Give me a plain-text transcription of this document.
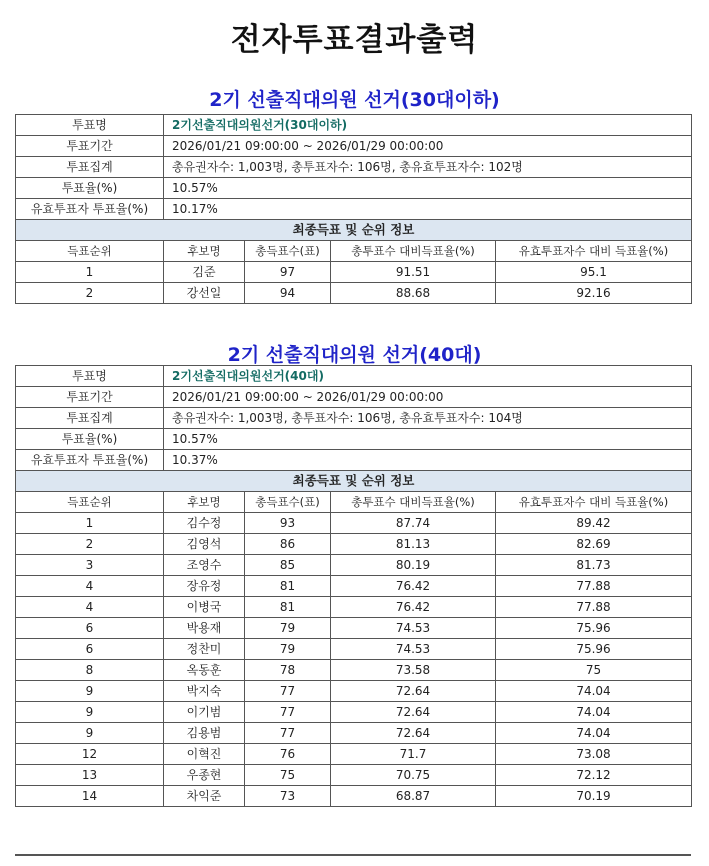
전자투표결과출력
2기 선출직대의원 선거(30대이하)
투표명	2기선출직대의원선거(30대이하)			
투표기간	2026/01/21 09:00:00 ~ 2026/01/29 00:00:00			
투표집계	총유권자수: 1,003명, 총투표자수: 106명, 총유효투표자수: 102명			
투표율(%)	10.57%			
유효투표자 투표율(%)	10.17%			
최종득표 및 순위 정보				
득표순위	후보명	총득표수(표)	총투표수 대비득표율(%)	유효투표자수 대비 득표율(%)
1	김준	97	91.51	95.1
2	강선일	94	88.68	92.16
2기 선출직대의원 선거(40대)
투표명	2기선출직대의원선거(40대)			
투표기간	2026/01/21 09:00:00 ~ 2026/01/29 00:00:00			
투표집계	총유권자수: 1,003명, 총투표자수: 106명, 총유효투표자수: 104명			
투표율(%)	10.57%			
유효투표자 투표율(%)	10.37%			
최종득표 및 순위 정보				
득표순위	후보명	총득표수(표)	총투표수 대비득표율(%)	유효투표자수 대비 득표율(%)
1	김수정	93	87.74	89.42
2	김영석	86	81.13	82.69
3	조영수	85	80.19	81.73
4	장유정	81	76.42	77.88
4	이병국	81	76.42	77.88
6	박용재	79	74.53	75.96
6	정찬미	79	74.53	75.96
8	옥동훈	78	73.58	75
9	박지숙	77	72.64	74.04
9	이기범	77	72.64	74.04
9	김용범	77	72.64	74.04
12	이혁진	76	71.7	73.08
13	우종현	75	70.75	72.12
14	차익준	73	68.87	70.19
